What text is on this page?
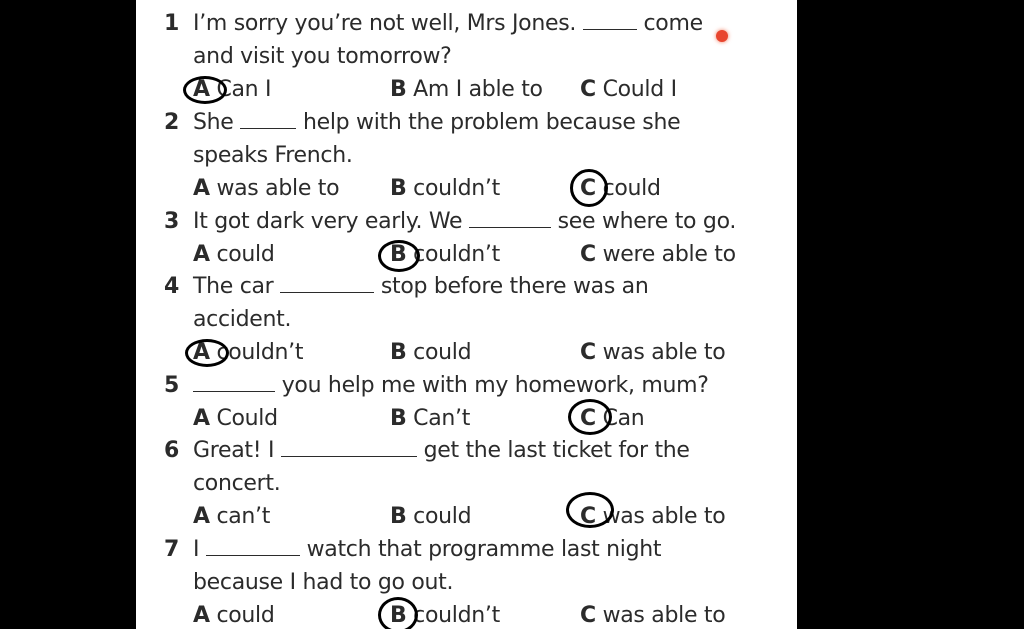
1 I’m sorry you’re not well, Mrs Jones.	come
and visit you tomorrow?
A Can I	B Am I able to C Could I
2 She	help with the problem because she
speaks French.
A was able to B couldn’t	C could
3 It got dark very early. We	see where to go.
A could	B couldn’t	C were able to
4 The car	stop before there was an
accident.
A couldn’t	B could	C was able to
5	you help me with my homework, mum?
A Could	B Can’t	C Can
6 Great! I	get the last ticket for the
concert.
A can’t	B could	C was able to
7 I	watch that programme last night
because I had to go out.
A could	B couldn’t	C was able to
